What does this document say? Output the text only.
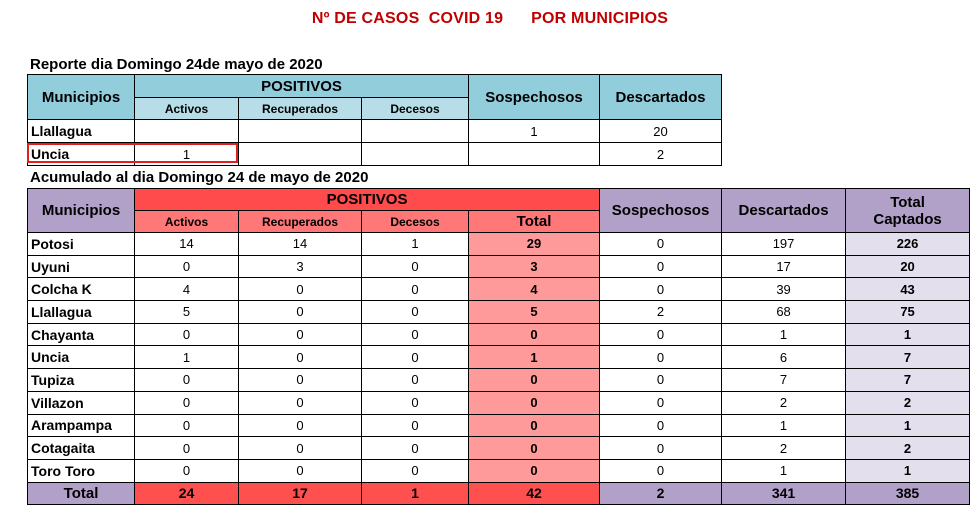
Nº DE CASOS  COVID 19      POR MUNICIPIOS
Reporte dia Domingo 24de mayo de 2020
Municipios	POSITIVOS			Sospechosos	Descartados
	Activos	Recuperados	Decesos		
Llallagua				1	20
Uncia	1				2
Acumulado al dia Domingo 24 de mayo de 2020
Municipios	POSITIVOS				Sospechosos	Descartados	Total
Captados

	Activos	Recuperados	Decesos	Total			
Potosi	14	14	1	29	0	197	226
Uyuni	0	3	0	3	0	17	20
Colcha K	4	0	0	4	0	39	43
Llallagua	5	0	0	5	2	68	75
Chayanta	0	0	0	0	0	1	1
Uncia	1	0	0	1	0	6	7
Tupiza	0	0	0	0	0	7	7
Villazon	0	0	0	0	0	2	2
Arampampa	0	0	0	0	0	1	1
Cotagaita	0	0	0	0	0	2	2
Toro Toro	0	0	0	0	0	1	1
Total	24	17	1	42	2	341	385
